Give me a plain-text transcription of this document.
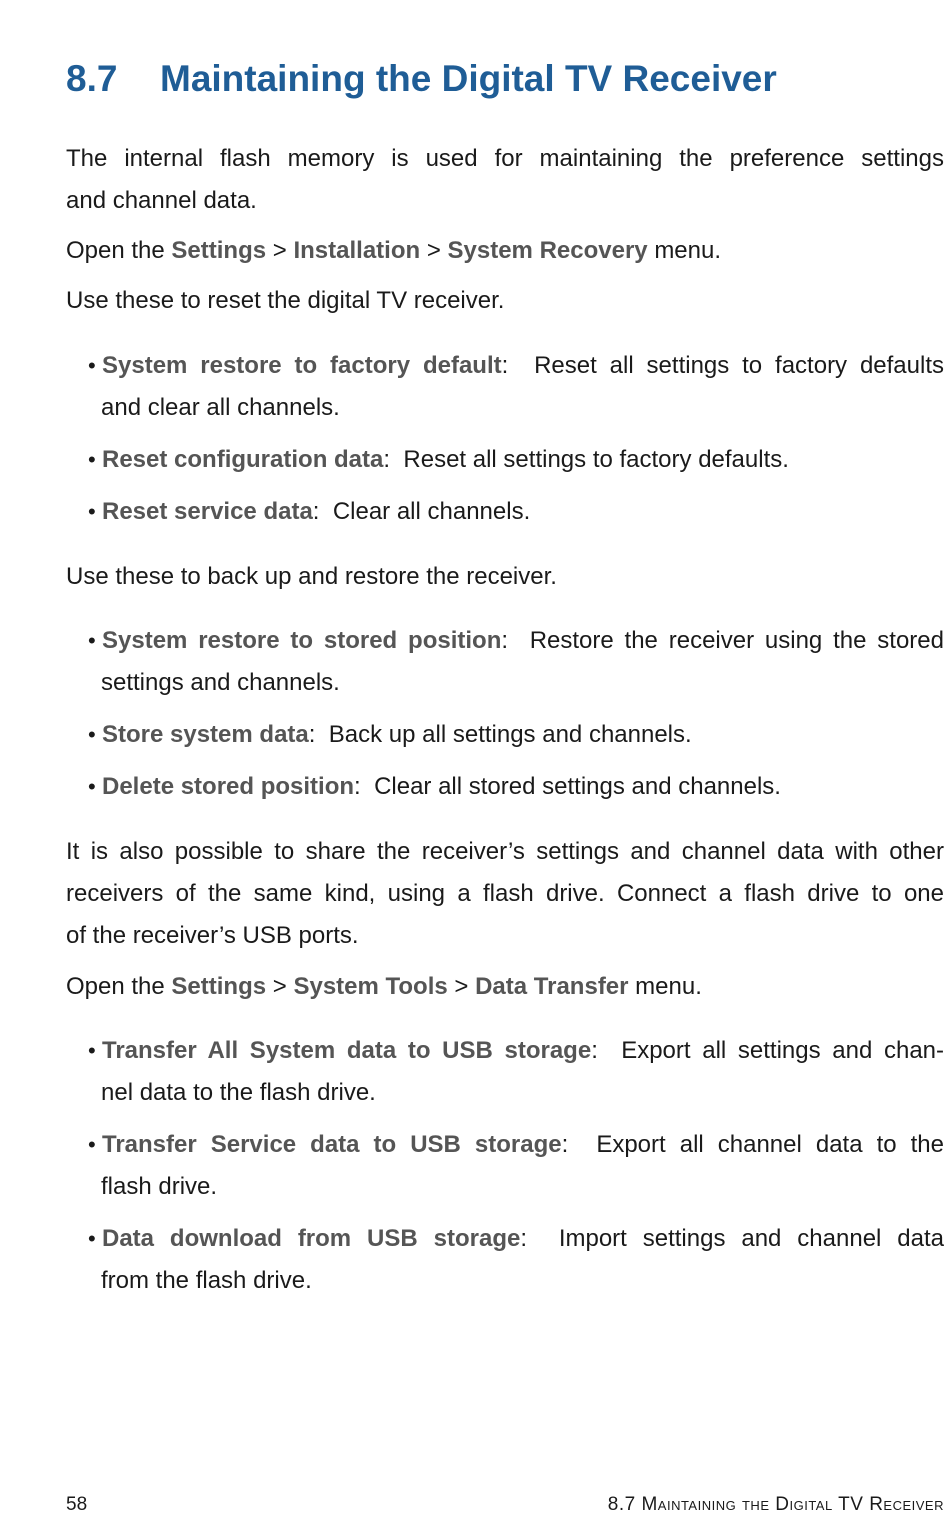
8.7 Maintaining the Digital TV Receiver

The internal flash memory is used for maintaining the preference settings

and channel data.

Open the Settings > Installation > System Recovery menu.

Use these to reset the digital TV receiver.

• System restore to factory default:  Reset all settings to factory defaults
and clear all channels.
• Reset configuration data:  Reset all settings to factory defaults.
• Reset service data:  Clear all channels.

Use these to back up and restore the receiver.

• System restore to stored position:  Restore the receiver using the stored
settings and channels.
• Store system data:  Back up all settings and channels.
• Delete stored position:  Clear all stored settings and channels.

It is also possible to share the receiver’s settings and channel data with other

receivers of the same kind, using a flash drive. Connect a flash drive to one

of the receiver’s USB ports.

Open the Settings > System Tools > Data Transfer menu.

• Transfer All System data to USB storage:  Export all settings and chan-
nel data to the flash drive.
• Transfer Service data to USB storage:  Export all channel data to the
flash drive.
• Data download from USB storage:  Import settings and channel data
from the flash drive.
58	8.7 Maintaining the Digital TV Receiver
